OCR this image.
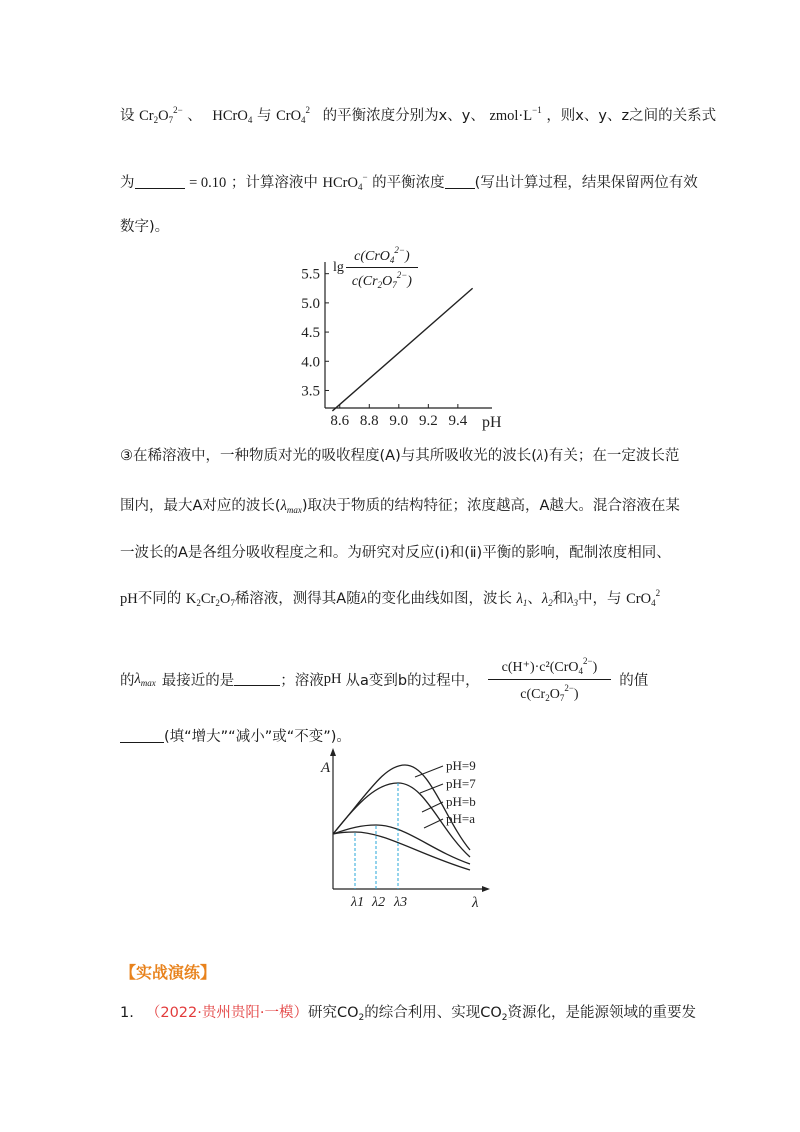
设 $Cr_2O_7^{2-}$ 、 HCrO$_4$ 与 CrO$_4^2$ 的平衡浓度分别为x、y、 $zmol\cdot L^{-1}$ ，则x、y、z之间的关系式
为	= 0.10 ；计算溶液中 HCrO$_4$− 的平衡浓度 (写出计算过程，结果保留两位有效
数字)。
8.6 8.8 9.0 9.2 9.4
3.5
4.0
4.5
5.0
5.5
pH
A
λ
pH=9
pH=7
pH=b
pH=a
λ1 λ2 λ3
$\lg \frac{c(CrO_4^{2-})}{c(Cr_2O_7^{2-})}$
③在稀溶液中，一种物质对光的吸收程度(A)与其所吸收光的波长(λ)有关；在一定波长范
围内，最大A对应的波长$(\lambda_{max})$取决于物质的结构特征；浓度越高，A越大。混合溶液在某
一波长的A是各组分吸收程度之和。为研究对反应(ⅰ)和(ⅱ)平衡的影响，配制浓度相同、
pH不同的 $K_2Cr_2O_7$稀溶液，测得其A随λ的变化曲线如图，波长 $\lambda_1$、$\lambda_2$和$\lambda_3$中，与 CrO$_4^2$
的 $\lambda_{max}$ 最接近的是	；溶液 pH 从a变到b的过程中， $\frac{c(H^+)\cdot c^2(CrO_4^{2-})}{c(Cr_2O_7^{2-})}$ 的值
(填“增大”“减小”或“不变”)。
【实战演练】
1. （2022·贵州贵阳·一模）研究$CO_2$的综合利用、实现$CO_2$资源化，是能源领域的重要发
